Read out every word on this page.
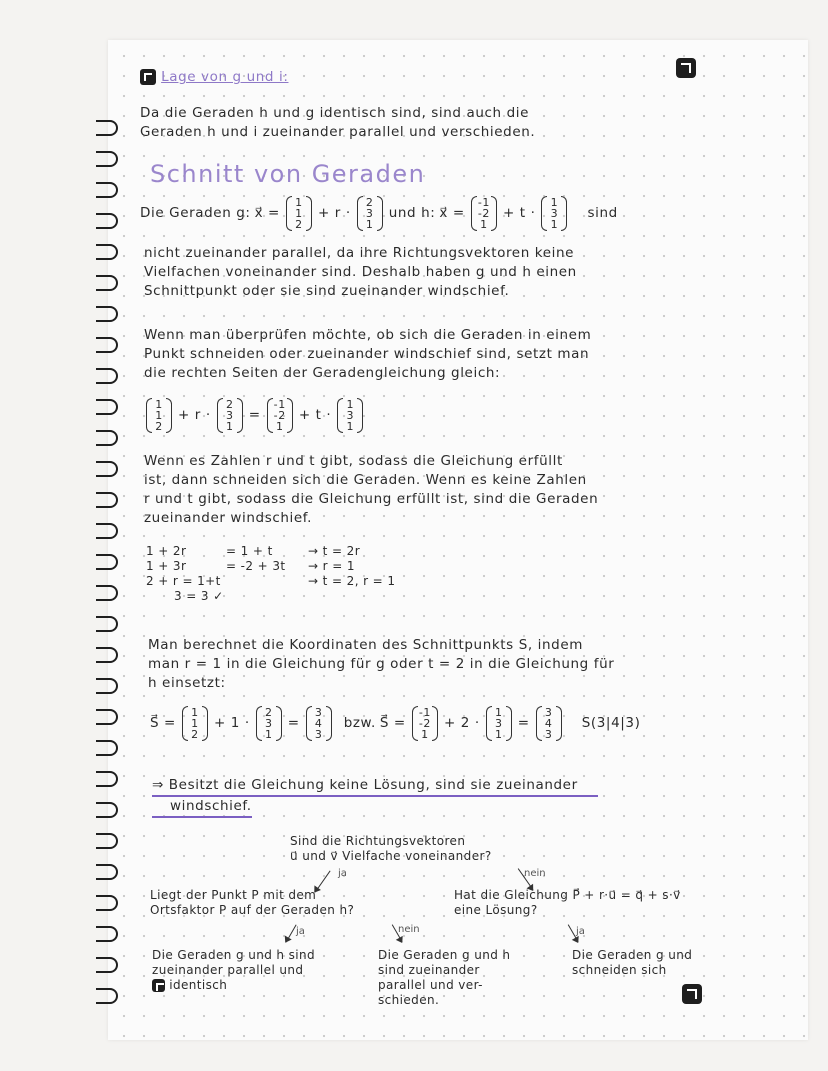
Lage von g und i:
Da die Geraden h und g identisch sind, sind auch die
Geraden h und i zueinander parallel und verschieden.
Schnitt von Geraden
Die Geraden g: x⃗ =
1
1
2
+ r ·
2
3
1
und h: x⃗ =
-1
-2
1
+ t ·
1
3
1
sind
nicht zueinander parallel, da ihre Richtungsvektoren keine
Vielfachen voneinander sind. Deshalb haben g und h einen
Schnittpunkt oder sie sind zueinander windschief.
Wenn man überprüfen möchte, ob sich die Geraden in einem
Punkt schneiden oder zueinander windschief sind, setzt man
die rechten Seiten der Geradengleichung gleich:
1
1
2
+ r ·
2
3
1
=
-1
-2
1
+ t ·
1
3
1
Wenn es Zahlen r und t gibt, sodass die Gleichung erfüllt
ist, dann schneiden sich die Geraden. Wenn es keine Zahlen
r und t gibt, sodass die Gleichung erfüllt ist, sind die Geraden
zueinander windschief.
1 + 2r	= 1 + t	→ t = 2r
1 + 3r	= -2 + 3t	→ r = 1
2 + r = 1+t	→ t = 2, r = 1
3 = 3 ✓
Man berechnet die Koordinaten des Schnittpunkts S, indem
man r = 1 in die Gleichung für g oder t = 2 in die Gleichung für
h einsetzt:
S⃗ =
1
1
2
+ 1 ·
2
3
1
=
3
4
3
bzw. S⃗ =
-1
-2
1
+ 2 ·
1
3
1
=
3
4
3
S(3|4|3)
⇒ Besitzt die Gleichung keine Lösung, sind sie zueinander
windschief.
Sind die Richtungsvektoren
u⃗ und v⃗ Vielfache voneinander?
ja	nein
Liegt der Punkt P mit dem
Ortsfaktor P auf der Geraden h?
Hat die Gleichung P⃗ + r·u⃗ = q⃗ + s·v⃗
eine Lösung?
ja	nein	ja
Die Geraden g und h sind
zueinander parallel und
identisch
Die Geraden g und h
sind zueinander
parallel und ver-
schieden.
Die Geraden g und
schneiden sich
